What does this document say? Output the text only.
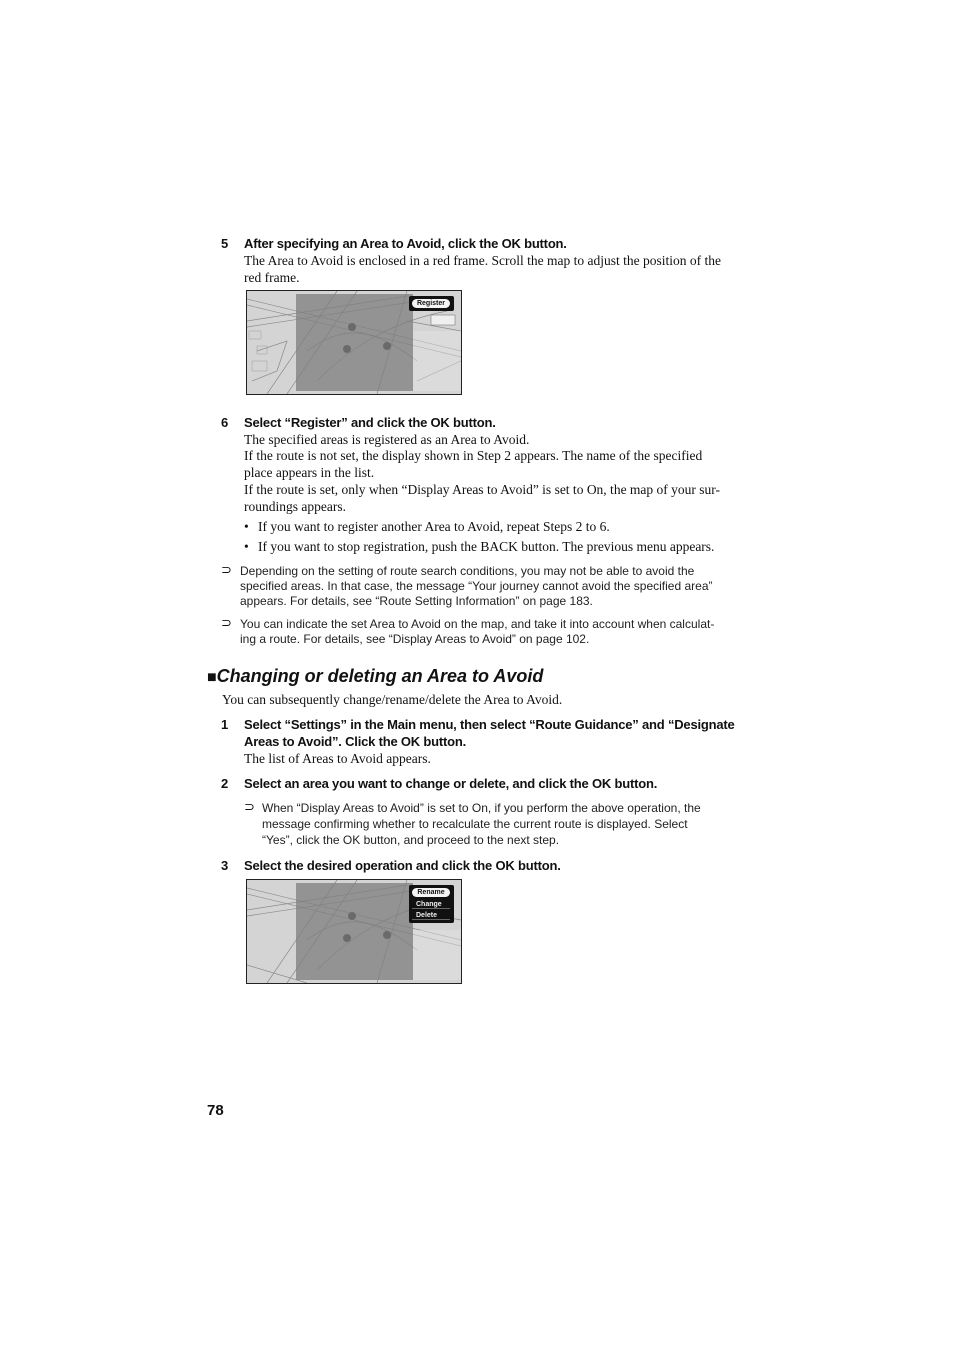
5 After specifying an Area to Avoid, click the OK button.
The Area to Avoid is enclosed in a red frame. Scroll the map to adjust the position of the
red frame.
Register
6 Select “Register” and click the OK button.
The specified areas is registered as an Area to Avoid.
If the route is not set, the display shown in Step 2 appears. The name of the specified
place appears in the list.
If the route is set, only when “Display Areas to Avoid” is set to On, the map of your sur-
roundings appears.
• If you want to register another Area to Avoid, repeat Steps 2 to 6.
• If you want to stop registration, push the BACK button. The previous menu appears.
⊃ Depending on the setting of route search conditions, you may not be able to avoid the
specified areas. In that case, the message “Your journey cannot avoid the specified area”
appears. For details, see “Route Setting Information” on page 183.
⊃ You can indicate the set Area to Avoid on the map, and take it into account when calculat-
ing a route. For details, see “Display Areas to Avoid” on page 102.
■Changing or deleting an Area to Avoid
You can subsequently change/rename/delete the Area to Avoid.
1 Select “Settings” in the Main menu, then select “Route Guidance” and “Designate
Areas to Avoid”. Click the OK button.
The list of Areas to Avoid appears.
2 Select an area you want to change or delete, and click the OK button.
⊃ When “Display Areas to Avoid” is set to On, if you perform the above operation, the
message confirming whether to recalculate the current route is displayed. Select
“Yes”, click the OK button, and proceed to the next step.
3 Select the desired operation and click the OK button.
Rename
Change
Delete
78
